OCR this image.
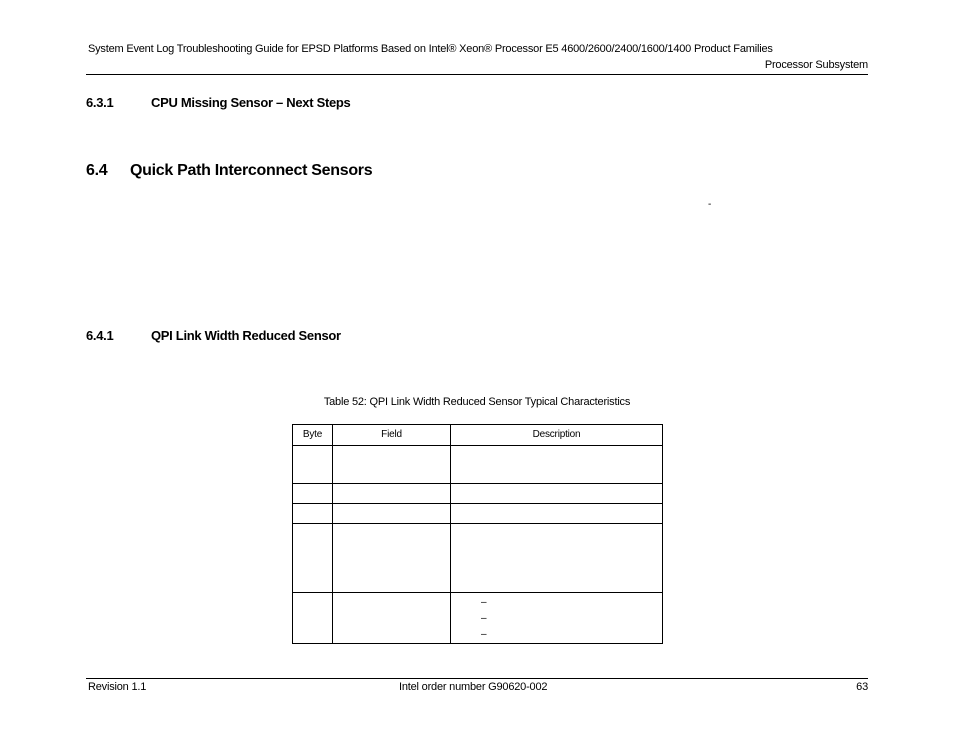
System Event Log Troubleshooting Guide for EPSD Platforms Based on Intel® Xeon® Processor E5 4600/2600/2400/1600/1400 Product Families
Processor Subsystem
6.3.1	CPU Missing Sensor – Next Steps
6.4 Quick Path Interconnect Sensors
-
6.4.1	QPI Link Width Reduced Sensor
Table 52: QPI Link Width Reduced Sensor Typical Characteristics
Byte	Field	Description

		–
–
–
Revision 1.1	Intel order number G90620-002	63
